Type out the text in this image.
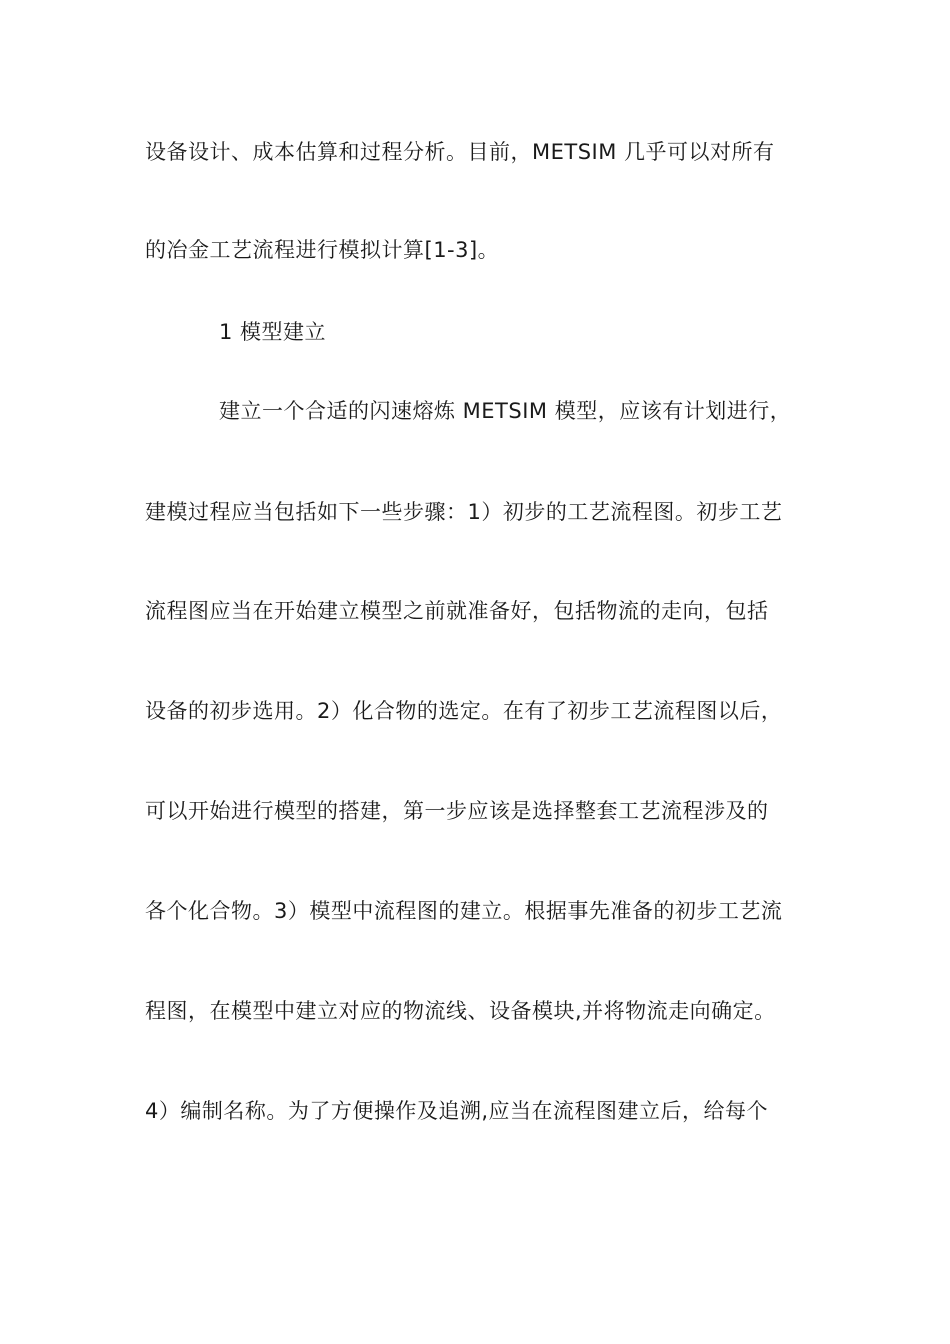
设备设计、成本估算和过程分析。目前，METSIM 几乎可以对所有
的冶金工艺流程进行模拟计算[1-3]。
1 模型建立
建立一个合适的闪速熔炼 METSIM 模型，应该有计划进行，
建模过程应当包括如下一些步骤：1）初步的工艺流程图。初步工艺
流程图应当在开始建立模型之前就准备好，包括物流的走向，包括
设备的初步选用。2）化合物的选定。在有了初步工艺流程图以后，
可以开始进行模型的搭建，第一步应该是选择整套工艺流程涉及的
各个化合物。3）模型中流程图的建立。根据事先准备的初步工艺流
程图，在模型中建立对应的物流线、设备模块,并将物流走向确定。
4）编制名称。为了方便操作及追溯,应当在流程图建立后，给每个
